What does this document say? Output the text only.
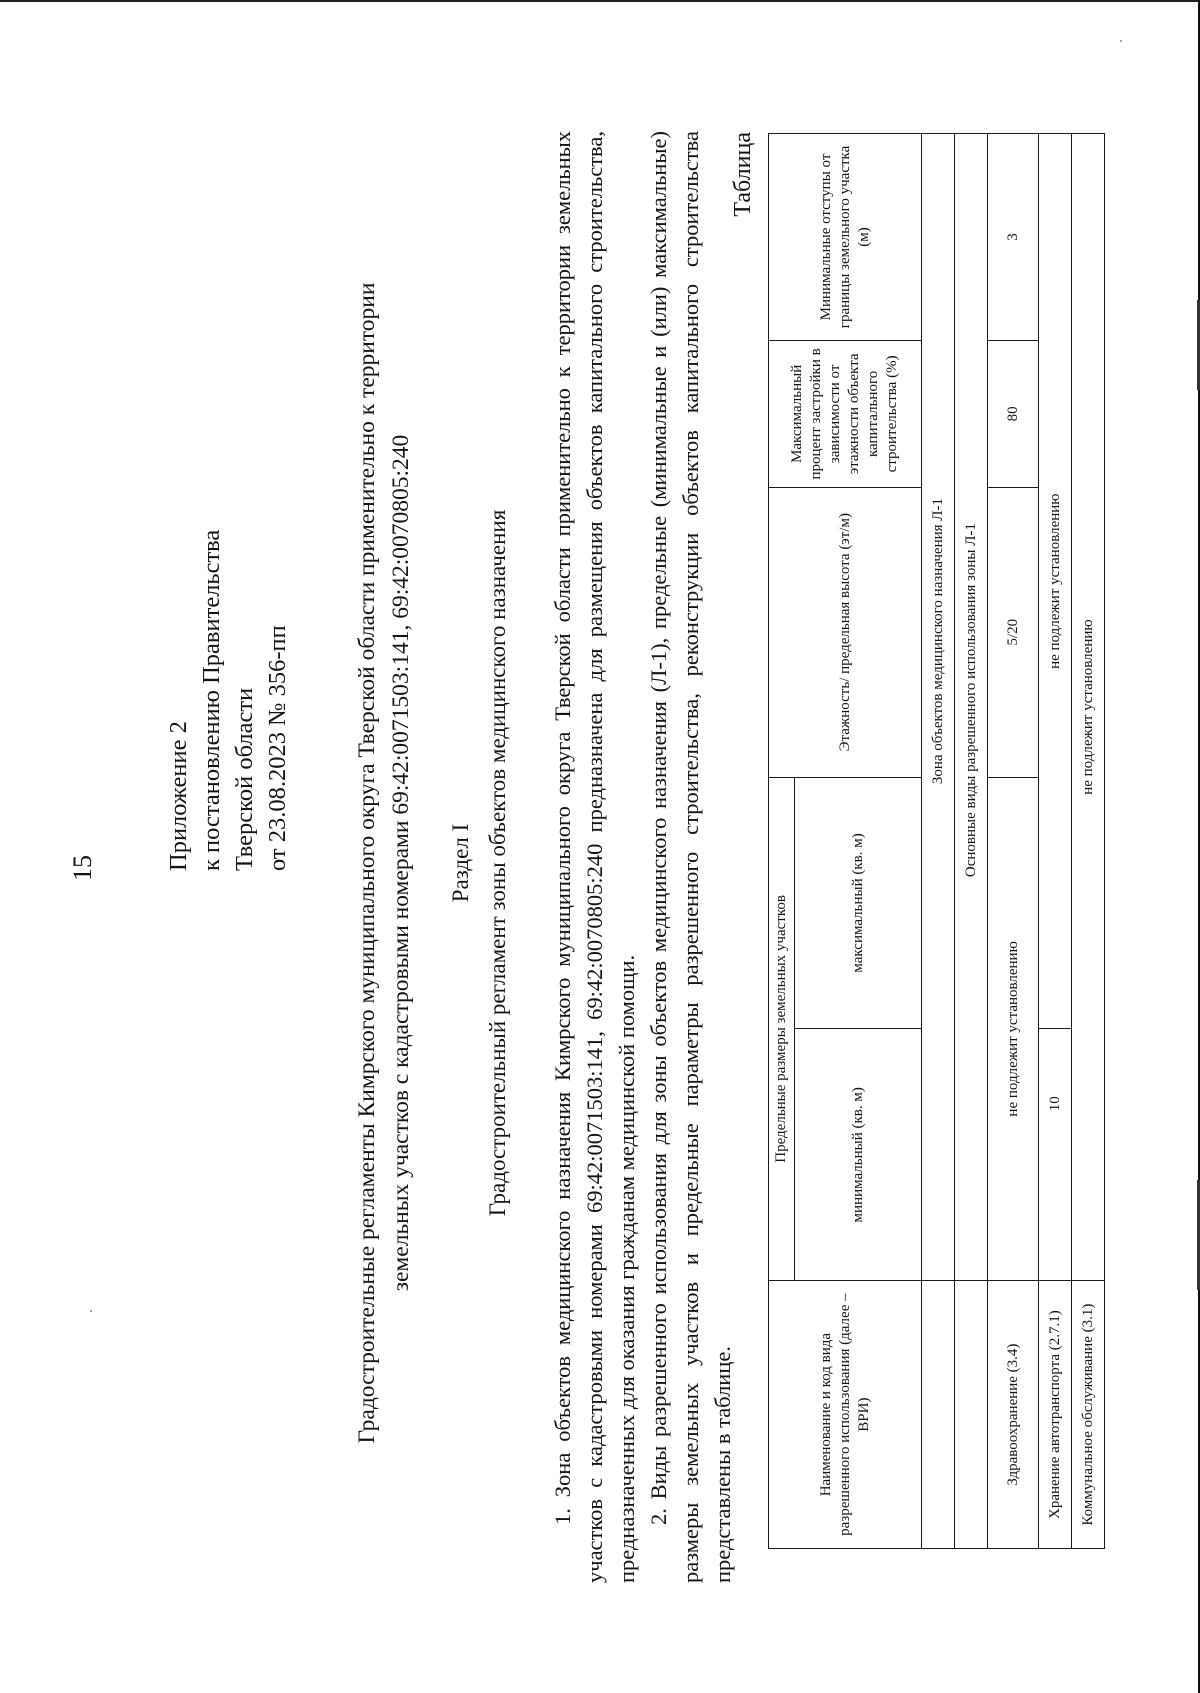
15	Приложение 2 к постановлению Правительства Тверской области от 23.08.2023 № 356-пп	Градостроительные регламенты Кимрского муниципального округа Тверской области применительно к территории земельных участков с кадастровыми номерами 69:42:0071503:141, 69:42:0070805:240 Раздел I Градостроительный регламент зоны объектов медицинского назначения 1. Зона объектов медицинского назначения Кимрского муниципального округа Тверской области применительно к территории земельных участков с кадастровыми номерами 69:42:0071503:141, 69:42:0070805:240 предназначена для размещения объектов капитального строительства, предназначенных для оказания гражданам медицинской помощи. 2. Виды разрешенного использования для зоны объектов медицинского назначения (Л-1), предельные (минимальные и (или) максимальные) размеры земельных участков и предельные параметры разрешенного строительства, реконструкции объектов капитального строительства представлены в таблице.

Таблица
Наименование и код вида разрешенного использования (далее – ВРИ)	Предельные размеры земельных участков		Этажность/ предельная высота (эт/м)	Максимальный процент застройки в зависимости от этажности объекта капитального строительства (%)	Минимальные отступы от границы земельного участка (м)
	минимальный (кв. м)	максимальный (кв. м)			
	Зона объектов медицинского назначения Л-1				
	Основные виды разрешенного использования зоны Л-1				
Здравоохранение (3.4)	не подлежит установлению		5/20	80	3
Хранение автотранспорта (2.7.1)	10	не подлежит установлению			
Коммунальное обслуживание (3.1)	не подлежит установлению				
